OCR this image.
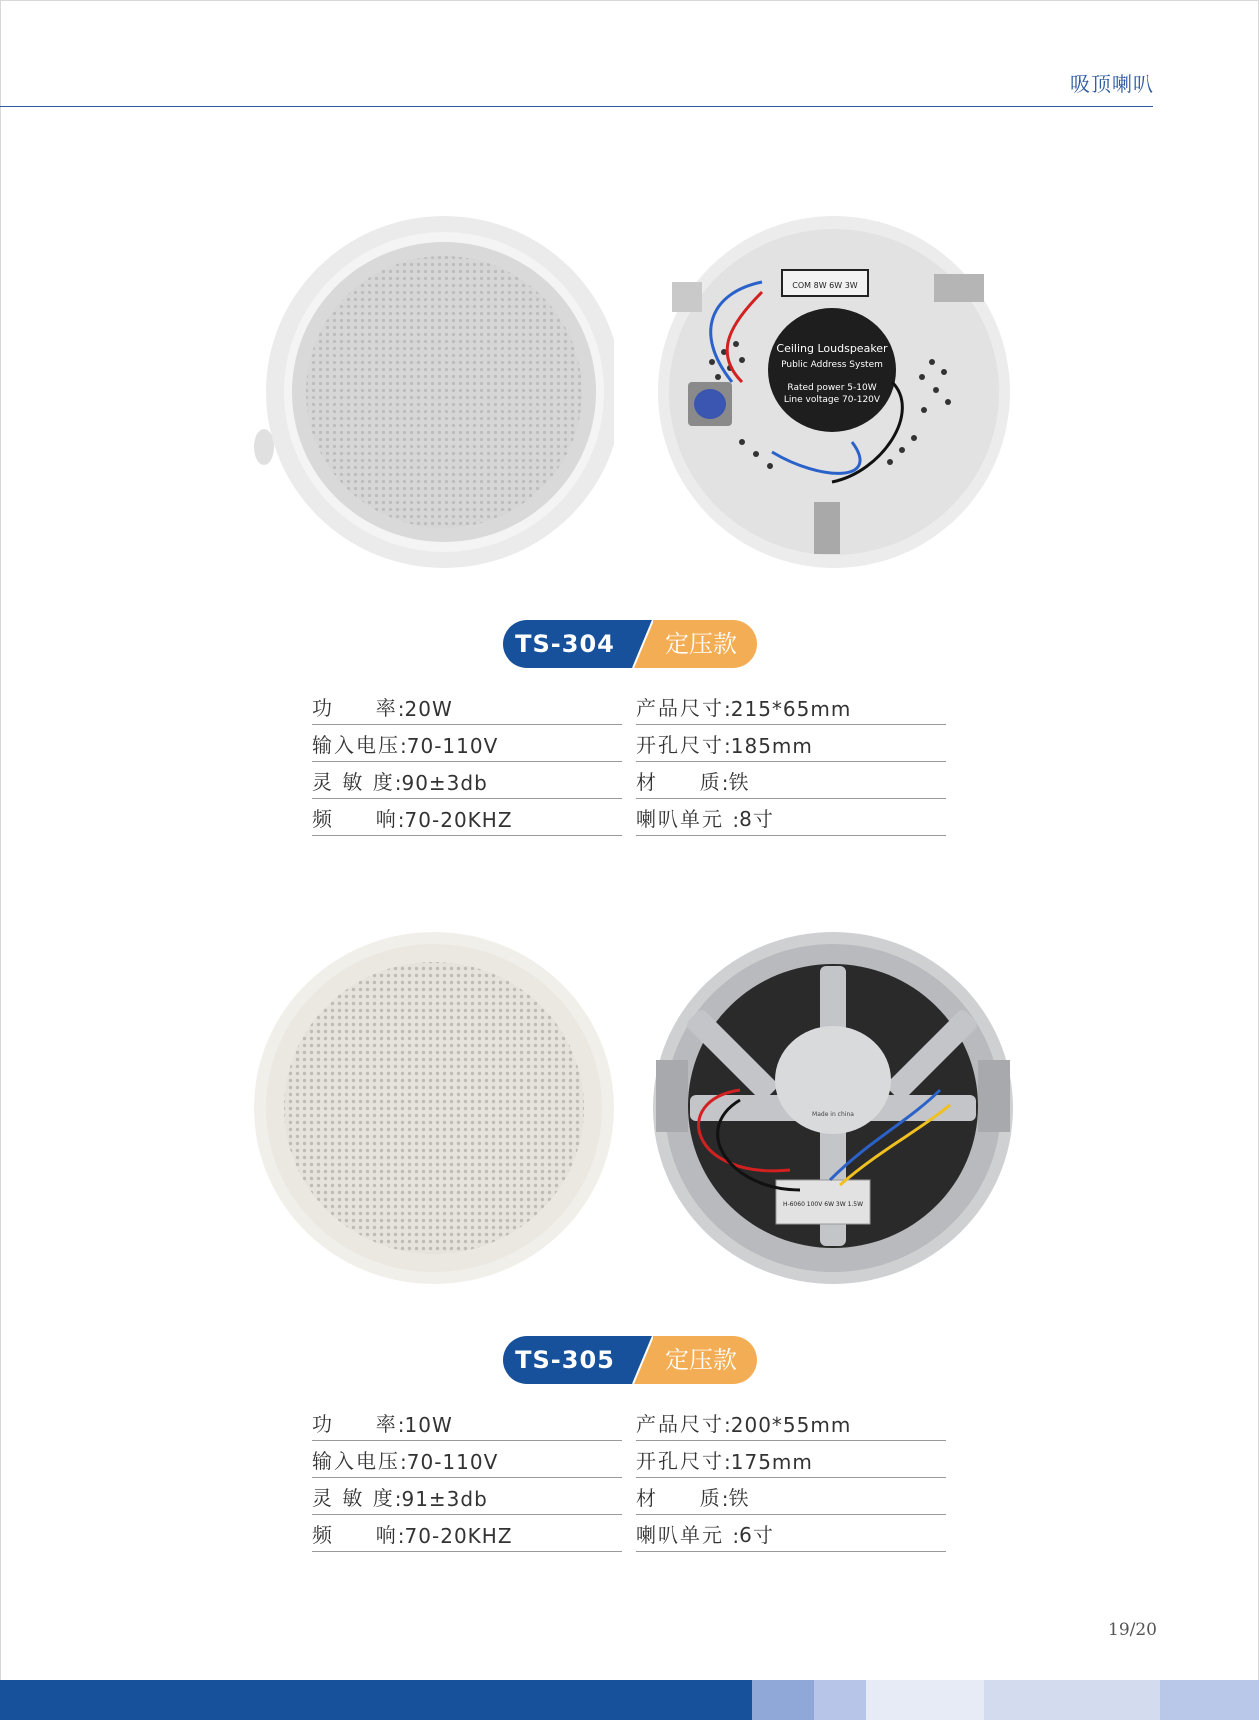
吸顶喇叭
Ceiling Loudspeaker
Public Address System
Rated power 5-10W
Line voltage 70-120V
COM 8W 6W 3W
TS-304	定压款
功     率 : 20W
输入电压 : 70-110V
灵 敏 度 : 90±3db
频     响 : 70-20KHZ
产品尺寸 : 215*65mm
开孔尺寸 : 185mm
材     质 : 铁
喇叭单元 : 8寸
Made in china
H-6060 100V 6W 3W 1.5W
TS-305	定压款
功     率 : 10W
输入电压 : 70-110V
灵 敏 度 : 91±3db
频     响 : 70-20KHZ
产品尺寸 : 200*55mm
开孔尺寸 : 175mm
材     质 : 铁
喇叭单元 : 6寸
19/20
